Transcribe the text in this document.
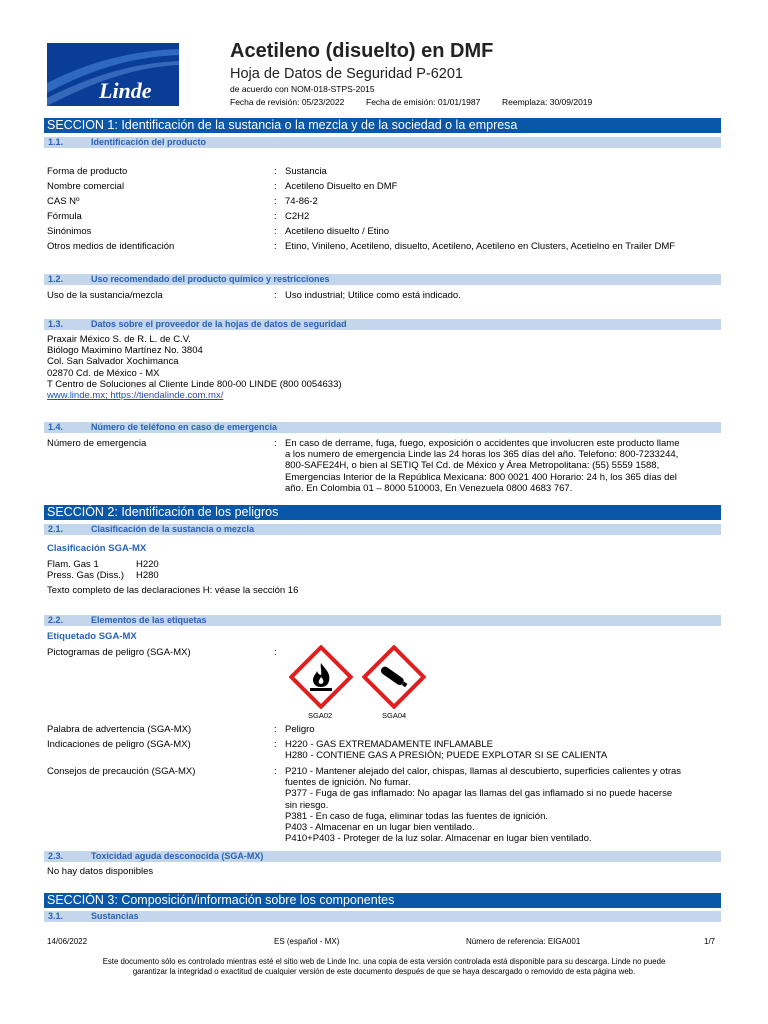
Linde
Acetileno (disuelto) en DMF
Hoja de Datos de Seguridad P-6201
de acuerdo con NOM-018-STPS-2015
Fecha de revisión: 05/23/2022	Fecha de emisión: 01/01/1987	Reemplaza: 30/09/2019
SECCION 1: Identificación de la sustancia o la mezcla y de la sociedad o la empresa
1.1.	Identificación del producto
Forma de producto	: Sustancia
Nombre comercial	: Acetileno Disuelto en DMF
CAS Nº	: 74-86-2
Fórmula	: C2H2
Sinónimos	: Acetileno disuelto / Etino
Otros medios de identificación	: Etino, Vinileno, Acetileno, disuelto, Acetileno, Acetileno en Clusters, Acetielno en Trailer DMF
1.2.	Uso recomendado del producto químico y restricciones
Uso de la sustancia/mezcla	: Uso industrial; Utilice como está indicado.
1.3.	Datos sobre el proveedor de la hojas de datos de seguridad
Praxair México S. de R. L. de C.V.
Biólogo Maximino Martínez No. 3804
Col. San Salvador Xochimanca
02870 Cd. de México - MX
T Centro de Soluciones al Cliente Linde 800-00 LINDE (800 0054633)
www.linde.mx; https://tiendalinde.com.mx/
1.4.	Número de teléfono en caso de emergencia
Número de emergencia	: En caso de derrame, fuga, fuego, exposición o accidentes que involucren este producto llame
a los numero de emergencia Linde las 24 horas los 365 días del año. Telefono: 800-7233244,
800-SAFE24H, o bien al SETIQ Tel Cd. de México y Área Metropolitana: (55) 5559 1588,
Emergencias Interior de la República Mexicana: 800 0021 400 Horario: 24 h, los 365 días del
año. En Colombia 01 – 8000 510003, En Venezuela 0800 4683 767.
SECCIÓN 2: Identificación de los peligros
2.1.	Clasificación de la sustancia o mezcla
Clasificación SGA-MX
Flam. Gas 1	H220
Press. Gas (Diss.) H280
Texto completo de las declaraciones H: véase la sección 16
2.2.	Elementos de las etiquetas
Etiquetado SGA-MX
Pictogramas de peligro (SGA-MX)	:
SGA02	SGA04
Palabra de advertencia (SGA-MX)	: Peligro
Indicaciones de peligro (SGA-MX)	: H220 - GAS EXTREMADAMENTE INFLAMABLE
H280 - CONTIENE GAS A PRESIÓN; PUEDE EXPLOTAR SI SE CALIENTA
Consejos de precaución (SGA-MX)	: P210 - Mantener alejado del calor, chispas, llamas al descubierto, superficies calientes y otras
fuentes de ignición. No fumar.
P377 - Fuga de gas inflamado: No apagar las llamas del gas inflamado si no puede hacerse
sin riesgo.
P381 - En caso de fuga, eliminar todas las fuentes de ignición.
P403 - Almacenar en un lugar bien ventilado.
P410+P403 - Proteger de la luz solar. Almacenar en lugar bien ventilado.
2.3.	Toxicidad aguda desconocida (SGA-MX)
No hay datos disponibles
SECCIÓN 3: Composición/información sobre los componentes
3.1.	Sustancias
14/06/2022	ES (español - MX)	Número de referencia: EIGA001	1/7
Este documento sólo es controlado mientras esté el sitio web de Linde Inc. una copia de esta versión controlada está disponible para su descarga. Linde no puede
garantizar la integridad o exactitud de cualquier versión de este documento después de que se haya descargado o removido de esta página web.
